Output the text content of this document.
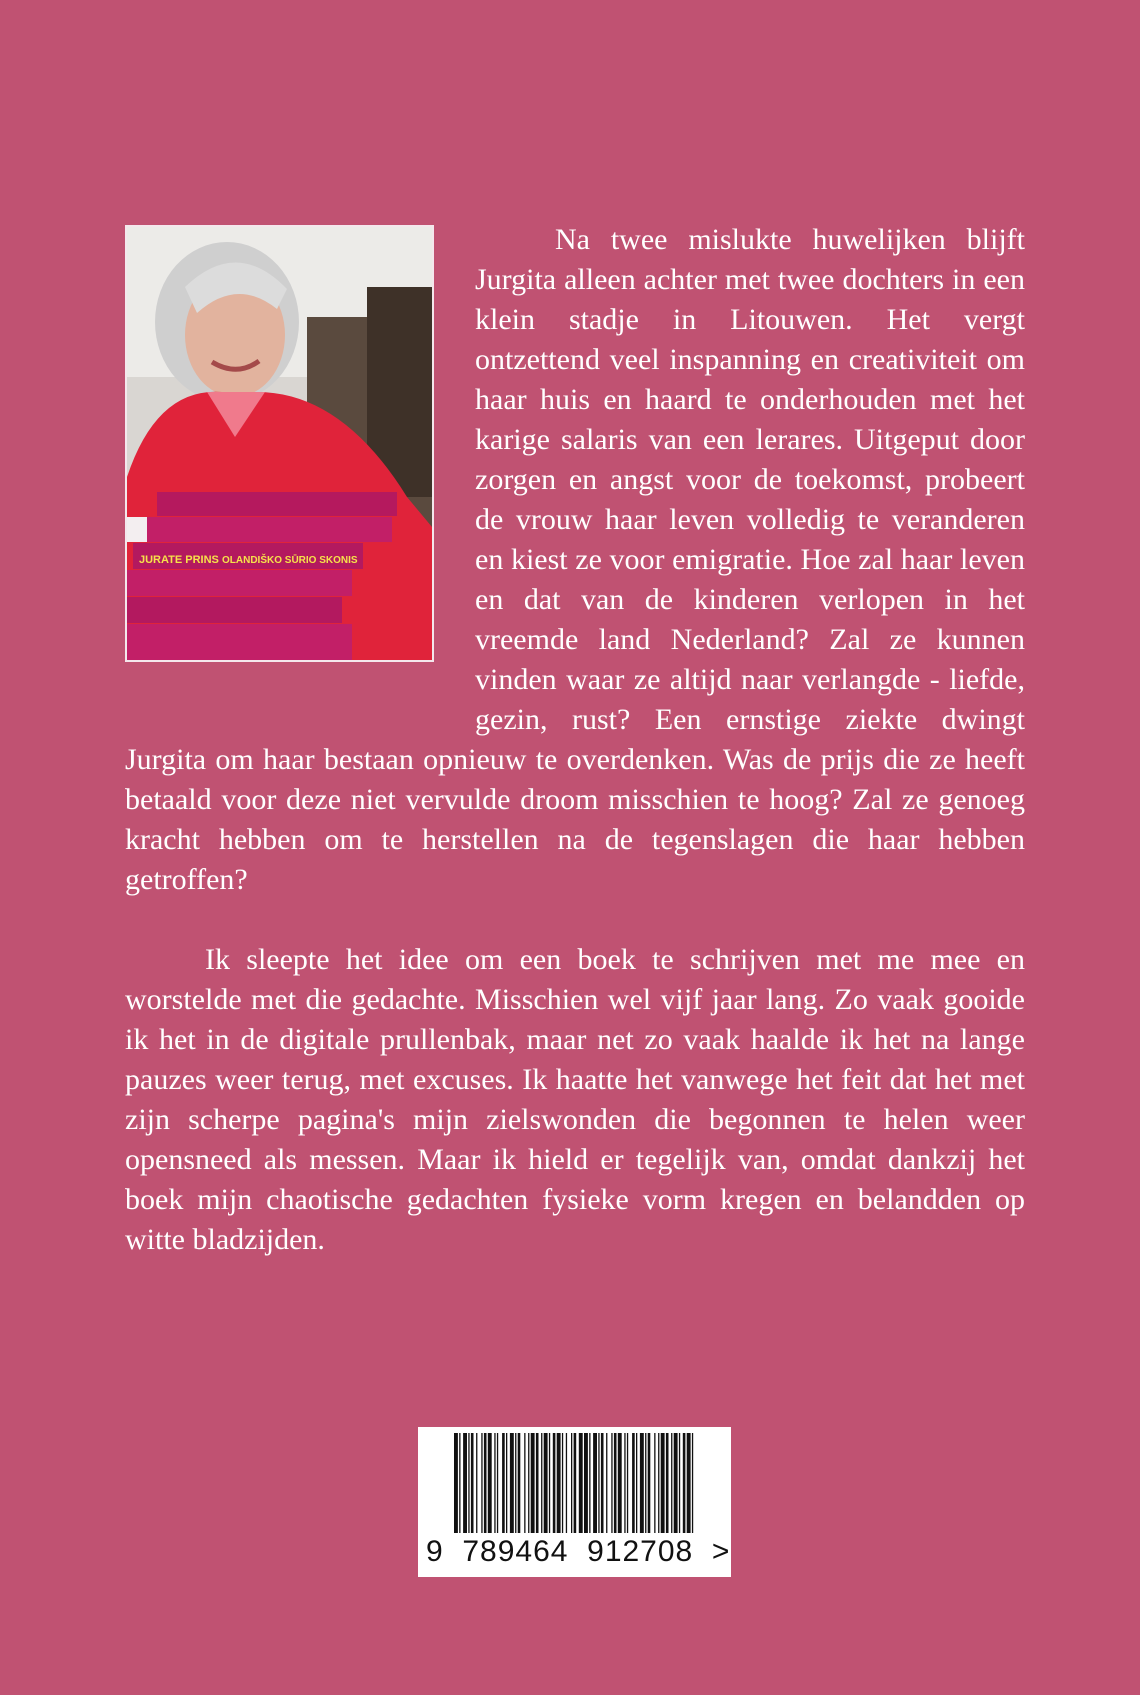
Na twee mislukte huwelijken blijft Jurgita alleen achter met twee dochters in een klein stadje in Litouwen. Het vergt ontzettend veel inspanning en creativiteit om haar huis en haard te onderhouden met het karige salaris van een lerares. Uitgeput door zorgen en angst voor de toekomst, probeert de vrouw haar leven volledig te veranderen en kiest ze voor emigratie. Hoe zal haar leven en dat van de kinderen verlopen in het vreemde land Nederland? Zal ze kunnen vinden waar ze altijd naar verlangde - liefde, gezin, rust? Een ernstige ziekte dwingt Jurgita om haar bestaan opnieuw te overdenken. Was de prijs die ze heeft betaald voor deze niet vervulde droom misschien te hoog? Zal ze genoeg kracht hebben om te herstellen na de tegenslagen die haar hebben getroffen?

Ik sleepte het idee om een boek te schrijven met me mee en worstelde met die gedachte. Misschien wel vijf jaar lang. Zo vaak gooide ik het in de digitale prullenbak, maar net zo vaak haalde ik het na lange pauzes weer terug, met excuses. Ik haatte het vanwege het feit dat het met zijn scherpe pagina's mijn zielswonden die begonnen te helen weer opensneed als messen. Maar ik hield er tegelijk van, omdat dankzij het boek mijn chaotische gedachten fysieke vorm kregen en belandden op witte bladzijden.

JURATE PRINS OLANDIŠKO SŪRIO SKONIS
9  789464  912708  >
